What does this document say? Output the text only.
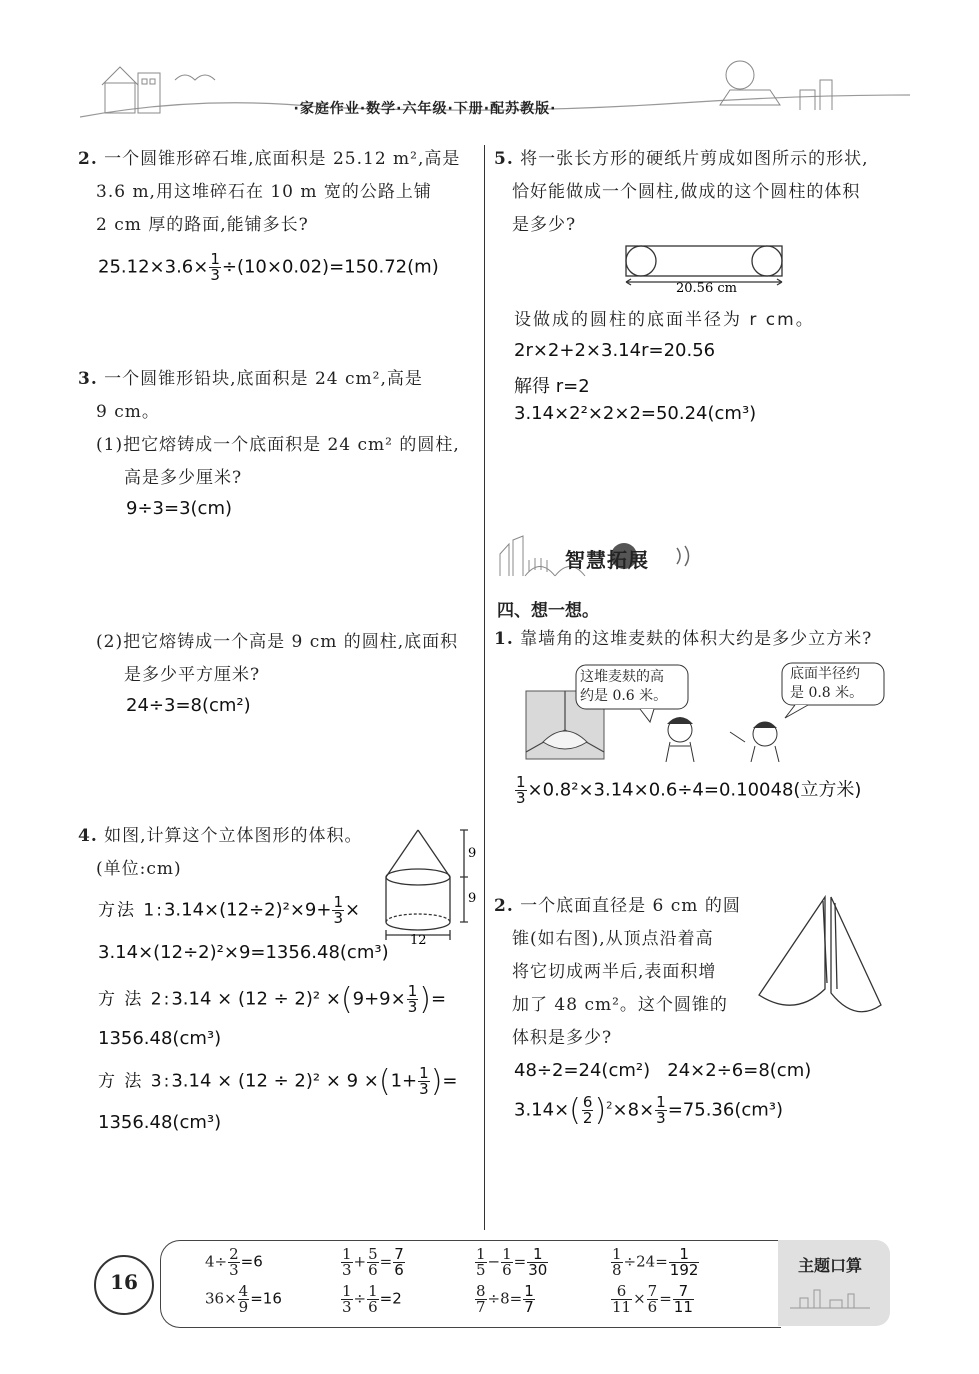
·家庭作业·数学·六年级·下册·配苏教版·
2. 一个圆锥形碎石堆,底面积是 25.12 m²,高是
3.6 m,用这堆碎石在 10 m 宽的公路上铺
2 cm 厚的路面,能铺多长?
$25.12\times 3.6\times \frac{1}{3} \div(10\times 0.02)=150.72(m)$
3. 一个圆锥形铅块,底面积是 24 cm²,高是
9 cm。
(1)把它熔铸成一个底面积是 24 cm² 的圆柱,
高是多少厘米?
9÷3=3(cm)
(2)把它熔铸成一个高是 9 cm 的圆柱,底面积
是多少平方厘米?
24÷3=8(cm²)
4. 如图,计算这个立体图形的体积。
(单位:cm)
9
9
12
方法 1:3.14×(12÷2)²×9+ $\frac{1}{3}$ ×
3.14×(12÷2)²×9=1356.48(cm³)
方 法 2:3.14 × $(12 \div 2)^2 \times(9+9\times \frac{1}{3}$ )=
1356.48(cm³)
方 法 3:3.14 × $(12 \div 2)^2 \times 9 \times(1+ \frac{1}{3}$ )=
1356.48(cm³)
5. 将一张长方形的硬纸片剪成如图所示的形状,
恰好能做成一个圆柱,做成的这个圆柱的体积
是多少?
20.56 cm
设做成的圆柱的底面半径为 r cm。
2r×2+2×3.14r=20.56
解得 r=2
3.14×2²×2×2=50.24(cm³)
智慧拓展
四、想一想。
1. 靠墙角的这堆麦麸的体积大约是多少立方米?
这堆麦麸的高
约是 0.6 米。
底面半径约
是 0.8 米。
$\frac{1}{3} \times 0.8^2\times 3.14\times 0.6\div 4=0.10048$(立方米)
2. 一个底面直径是 6 cm 的圆
锥(如右图),从顶点沿着高
将它切成两半后,表面积增
加了 48 cm²。这个圆锥的
体积是多少?
48÷2=24(cm²)   24×2÷6=8(cm)
$3.14\times( \frac{6}{2} )^2\times 8\times \frac{1}{3} =75.36(cm^3)$
主题口算
16
$4\div \frac{2}{3} =6$
$36\times \frac{4}{9} =16$
$\frac{1}{3} + \frac{5}{6} = \frac{7}{6}$
$\frac{1}{3} \div \frac{1}{6} =2$
$\frac{1}{5} - \frac{1}{6} = \frac{1}{30}$
$\frac{8}{7} \div 8= \frac{1}{7}$
$\frac{1}{8} \div 24= \frac{1}{192}$
$\frac{6}{11} \times \frac{7}{6} = \frac{7}{11}$
